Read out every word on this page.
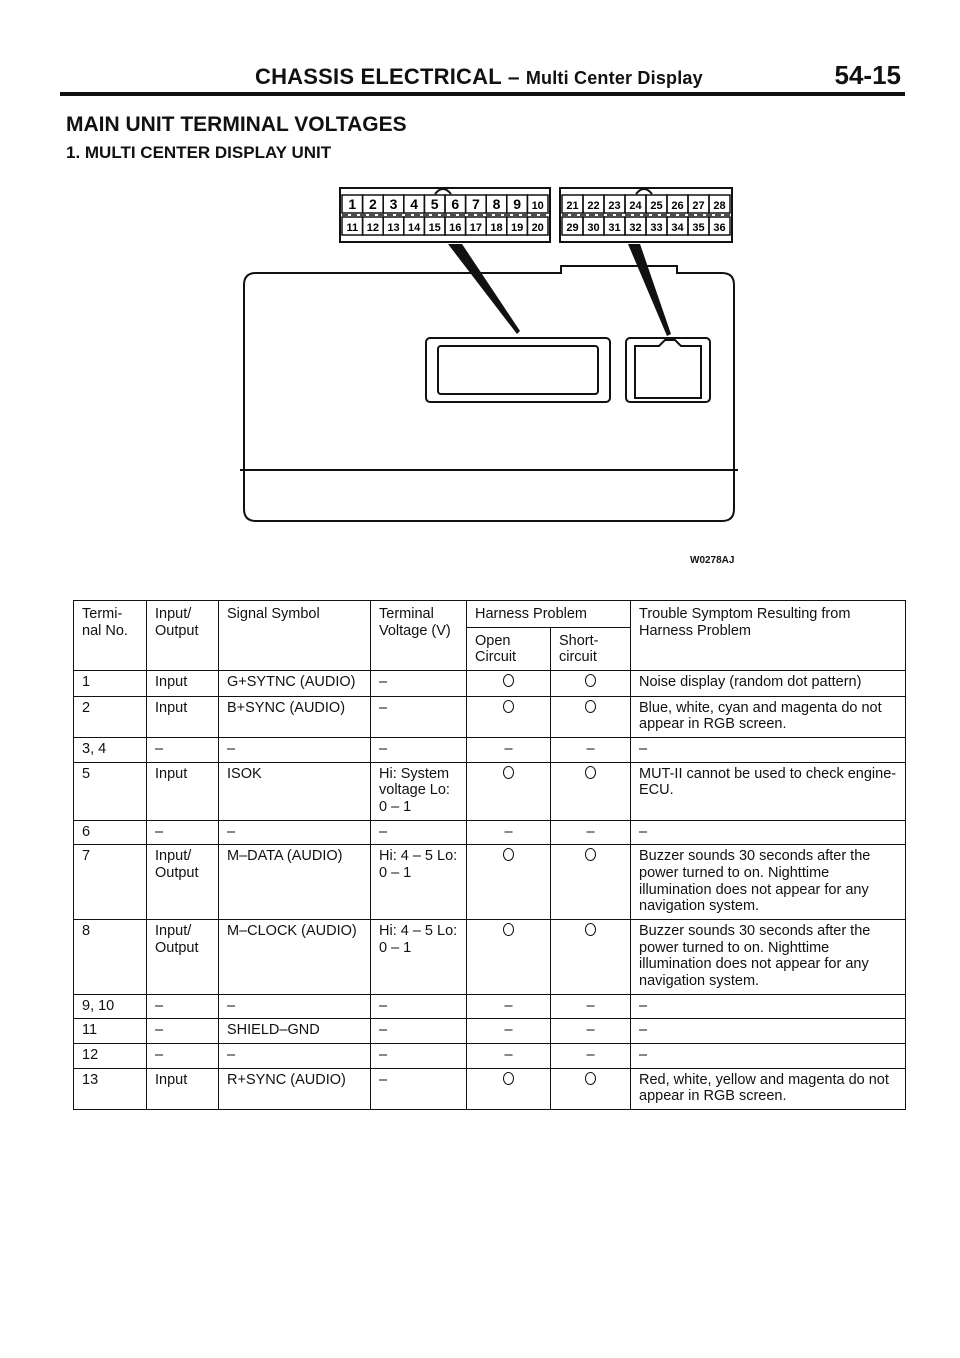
CHASSIS ELECTRICAL – Multi Center Display	54-15
MAIN UNIT TERMINAL VOLTAGES
1. MULTI CENTER DISPLAY UNIT
1 2 3 4 5 6 7 8 9 10
11 12 13 14 15 16 17 18 19 20
21 22 23 24 25 26 27 28
29 30 31 32 33 34 35 36
W0278AJ
Termi- nal No.	Input/ Output	Signal Symbol	Terminal Voltage (V)	Harness Problem		Trouble Symptom Resulting from Harness Problem
				Open Circuit	Short- circuit	
1	Input	G+SYTNC (AUDIO)	–			Noise display (random dot pattern)
2	Input	B+SYNC (AUDIO)	–			Blue, white, cyan and magenta do not appear in RGB screen.
3, 4	–	–	–	–	–	–
5	Input	ISOK	Hi: System voltage Lo: 0 – 1			MUT-II cannot be used to check engine-ECU.
6	–	–	–	–	–	–
7	Input/ Output	M–DATA (AUDIO)	Hi: 4 – 5 Lo: 0 – 1			Buzzer sounds 30 seconds after the power turned to on. Nighttime illumination does not appear for any navigation system.
8	Input/ Output	M–CLOCK (AUDIO)	Hi: 4 – 5 Lo: 0 – 1			Buzzer sounds 30 seconds after the power turned to on. Nighttime illumination does not appear for any navigation system.
9, 10	–	–	–	–	–	–
11	–	SHIELD–GND	–	–	–	–
12	–	–	–	–	–	–
13	Input	R+SYNC (AUDIO)	–			Red, white, yellow and magenta do not appear in RGB screen.
